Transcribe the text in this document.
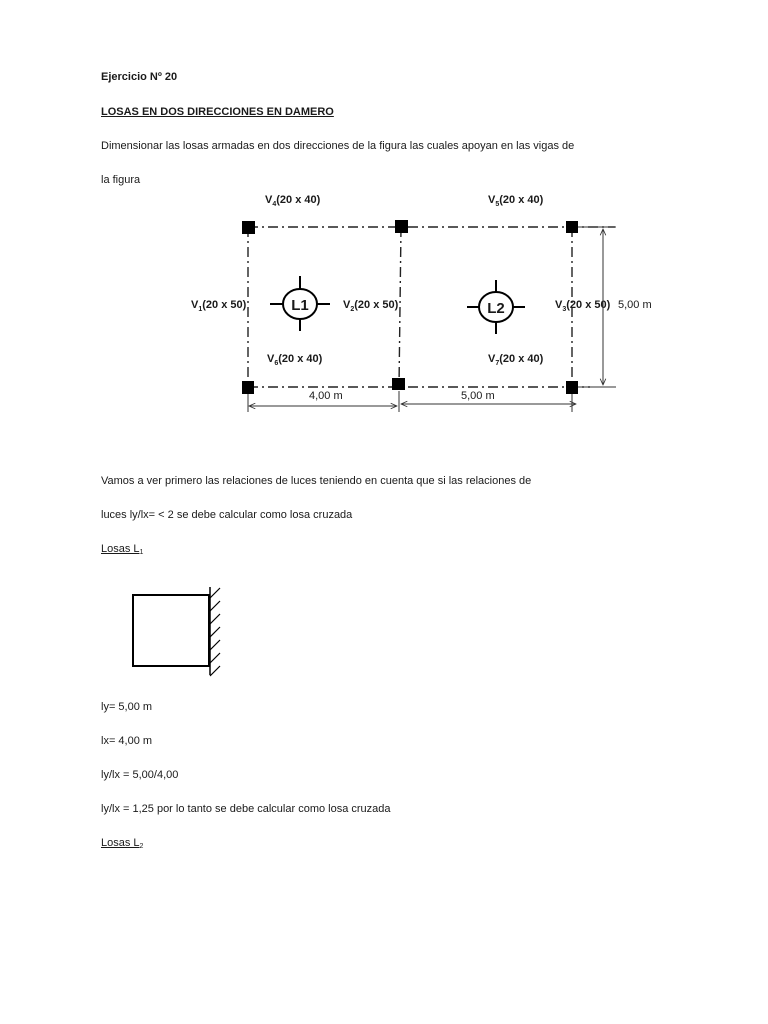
Ejercicio Nº 20
LOSAS EN DOS DIRECCIONES EN DAMERO
Dimensionar las losas armadas en dos direcciones de la figura las cuales apoyan en las vigas de
la figura
L1	L2
$V_4(20$ x 40)	$V_5(20$ x 40)
$V_1(20$ x 50)	$V_2(20$ x 50)	$V_3(20$ x 50)
$V_6(20$ x 40)	$V_7(20$ x 40)
5,00 m
4,00 m	5,00 m
Vamos a ver primero las relaciones de luces teniendo en cuenta que si las relaciones de
luces ly/lx= < 2 se debe calcular como losa cruzada
Losas $L_1$
ly= 5,00 m
lx= 4,00 m
ly/lx = 5,00/4,00
ly/lx = 1,25 por lo tanto se debe calcular como losa cruzada
Losas $L_2$
